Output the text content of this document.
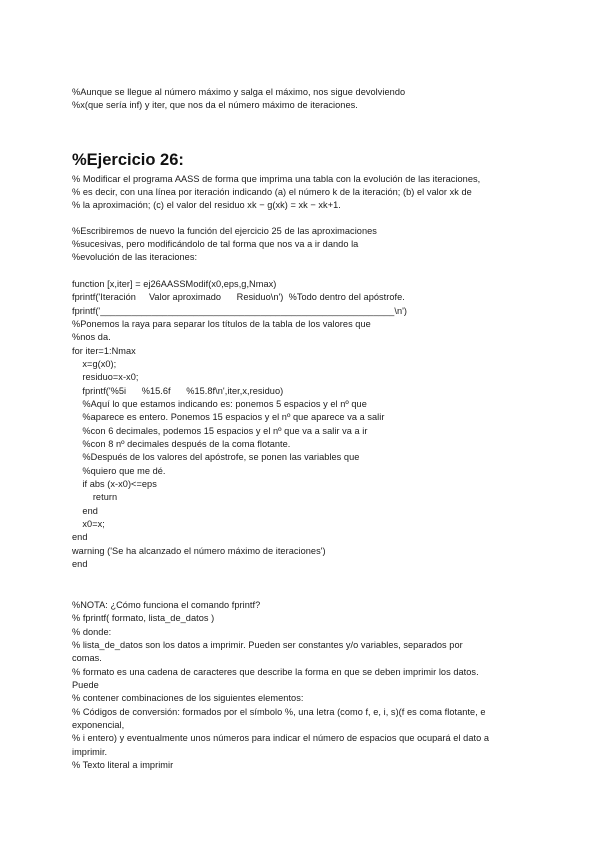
%Aunque se llegue al número máximo y salga el máximo, nos sigue devolviendo
%x(que sería inf) y iter, que nos da el número máximo de iteraciones.
%Ejercicio 26:
% Modificar el programa AASS de forma que imprima una tabla con la evolución de las iteraciones,
% es decir, con una línea por iteración indicando (a) el número k de la iteración; (b) el valor xk de
% la aproximación; (c) el valor del residuo xk − g(xk) = xk − xk+1.
%Escribiremos de nuevo la función del ejercicio 25 de las aproximaciones
%sucesivas, pero modificándolo de tal forma que nos va a ir dando la
%evolución de las iteraciones:
function [x,iter] = ej26AASSModif(x0,eps,g,Nmax)
fprintf('Iteración     Valor aproximado      Residuo\n')  %Todo dentro del apóstrofe.
fprintf('_________________________________________________________\n')
%Ponemos la raya para separar los títulos de la tabla de los valores que
%nos da.
for iter=1:Nmax
x=g(x0);
residuo=x-x0;
fprintf('%5i      %15.6f      %15.8f\n',iter,x,residuo)
%Aquí lo que estamos indicando es: ponemos 5 espacios y el nº que
%aparece es entero. Ponemos 15 espacios y el nº que aparece va a salir
%con 6 decimales, podemos 15 espacios y el nº que va a salir va a ir
%con 8 nº decimales después de la coma flotante.
%Después de los valores del apóstrofe, se ponen las variables que
%quiero que me dé.
if abs (x-x0)<=eps
return
end
x0=x;
end
warning ('Se ha alcanzado el número máximo de iteraciones')
end
%NOTA: ¿Cómo funciona el comando fprintf?
% fprintf( formato, lista_de_datos )
% donde:
% lista_de_datos son los datos a imprimir. Pueden ser constantes y/o variables, separados por
comas.
% formato es una cadena de caracteres que describe la forma en que se deben imprimir los datos.
Puede
% contener combinaciones de los siguientes elementos:
% Códigos de conversión: formados por el símbolo %, una letra (como f, e, i, s)(f es coma flotante, e
exponencial,
% i entero) y eventualmente unos números para indicar el número de espacios que ocupará el dato a
imprimir.
% Texto literal a imprimir
